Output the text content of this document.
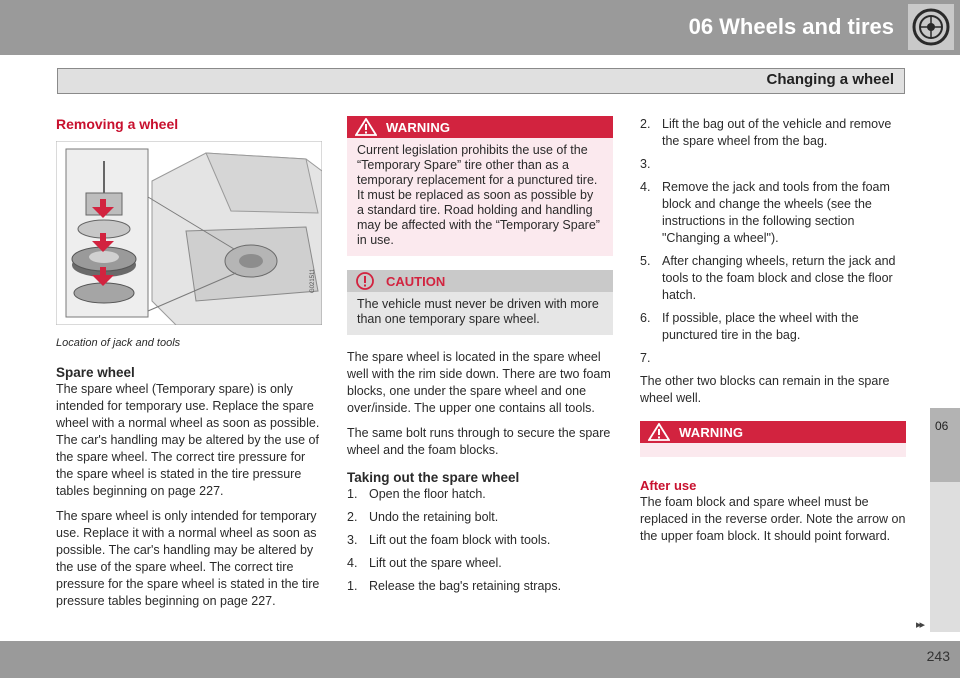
06 Wheels and tires
Changing a wheel
06
Removing a wheel
G021511
Location of jack and tools
Spare wheel

The spare wheel (Temporary spare) is only intended for temporary use. Replace the spare wheel with a normal wheel as soon as possible. The car's handling may be altered by the use of the spare wheel. The correct tire pressure for the spare wheel is stated in the tire pressure tables beginning on page 227.

The spare wheel is only intended for temporary use. Replace it with a normal wheel as soon as possible. The car's handling may be altered by the use of the spare wheel. The correct tire pressure for the spare wheel is stated in the tire pressure tables beginning on page 227.

WARNING
Current legislation prohibits the use of the “Temporary Spare” tire other than as a temporary replacement for a punctured tire. It must be replaced as soon as possible by a standard tire. Road holding and handling may be affected with the “Temporary Spare” in use.
CAUTION
The vehicle must never be driven with more than one temporary spare wheel.

The spare wheel is located in the spare wheel well with the rim side down. There are two foam blocks, one under the spare wheel and one over/inside. The upper one contains all tools.

The same bolt runs through to secure the spare wheel and the foam blocks.

Taking out the spare wheel
1. Open the floor hatch.
2. Undo the retaining bolt.
3. Lift out the foam block with tools.
4. Lift out the spare wheel.
1. Release the bag's retaining straps.
2. Lift the bag out of the vehicle and remove the spare wheel from the bag.
3.
4. Remove the jack and tools from the foam block and change the wheels (see the instructions in the following section "Changing a wheel").
5. After changing wheels, return the jack and tools to the foam block and close the floor hatch.
6. If possible, place the wheel with the punctured tire in the bag.
7.

The other two blocks can remain in the spare wheel well.

WARNING
After use

The foam block and spare wheel must be replaced in the reverse order. Note the arrow on the upper foam block. It should point forward.

▸▸
243
